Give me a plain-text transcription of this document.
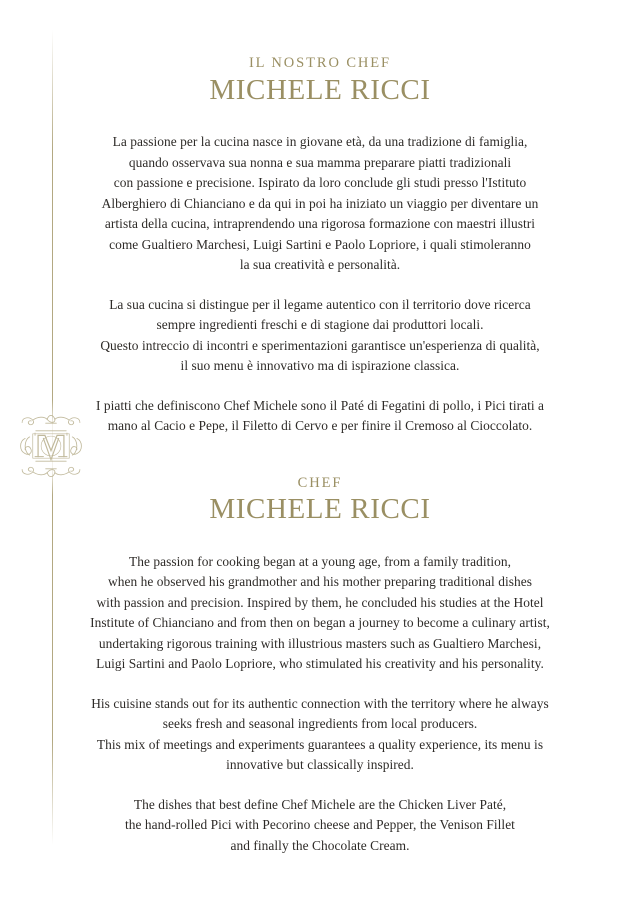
IL NOSTRO CHEF
MICHELE RICCI

La passione per la cucina nasce in giovane età, da una tradizione di famiglia,
quando osservava sua nonna e sua mamma preparare piatti tradizionali
con passione e precisione. Ispirato da loro conclude gli studi presso l'Istituto
Alberghiero di Chianciano e da qui in poi ha iniziato un viaggio per diventare un
artista della cucina, intraprendendo una rigorosa formazione con maestri illustri
come Gualtiero Marchesi, Luigi Sartini e Paolo Lopriore, i quali stimoleranno
la sua creatività e personalità.

La sua cucina si distingue per il legame autentico con il territorio dove ricerca
sempre ingredienti freschi e di stagione dai produttori locali.
Questo intreccio di incontri e sperimentazioni garantisce un'esperienza di qualità,
il suo menu è innovativo ma di ispirazione classica.

I piatti che definiscono Chef Michele sono il Paté di Fegatini di pollo, i Pici tirati a
mano al Cacio e Pepe, il Filetto di Cervo e per finire il Cremoso al Cioccolato.

CHEF
MICHELE RICCI

The passion for cooking began at a young age, from a family tradition,
when he observed his grandmother and his mother preparing traditional dishes
with passion and precision. Inspired by them, he concluded his studies at the Hotel
Institute of Chianciano and from then on began a journey to become a culinary artist,
undertaking rigorous training with illustrious masters such as Gualtiero Marchesi,
Luigi Sartini and Paolo Lopriore, who stimulated his creativity and his personality.

His cuisine stands out for its authentic connection with the territory where he always
seeks fresh and seasonal ingredients from local producers.
This mix of meetings and experiments guarantees a quality experience, its menu is
innovative but classically inspired.

The dishes that best define Chef Michele are the Chicken Liver Paté,
the hand-rolled Pici with Pecorino cheese and Pepper, the Venison Fillet
and finally the Chocolate Cream.
